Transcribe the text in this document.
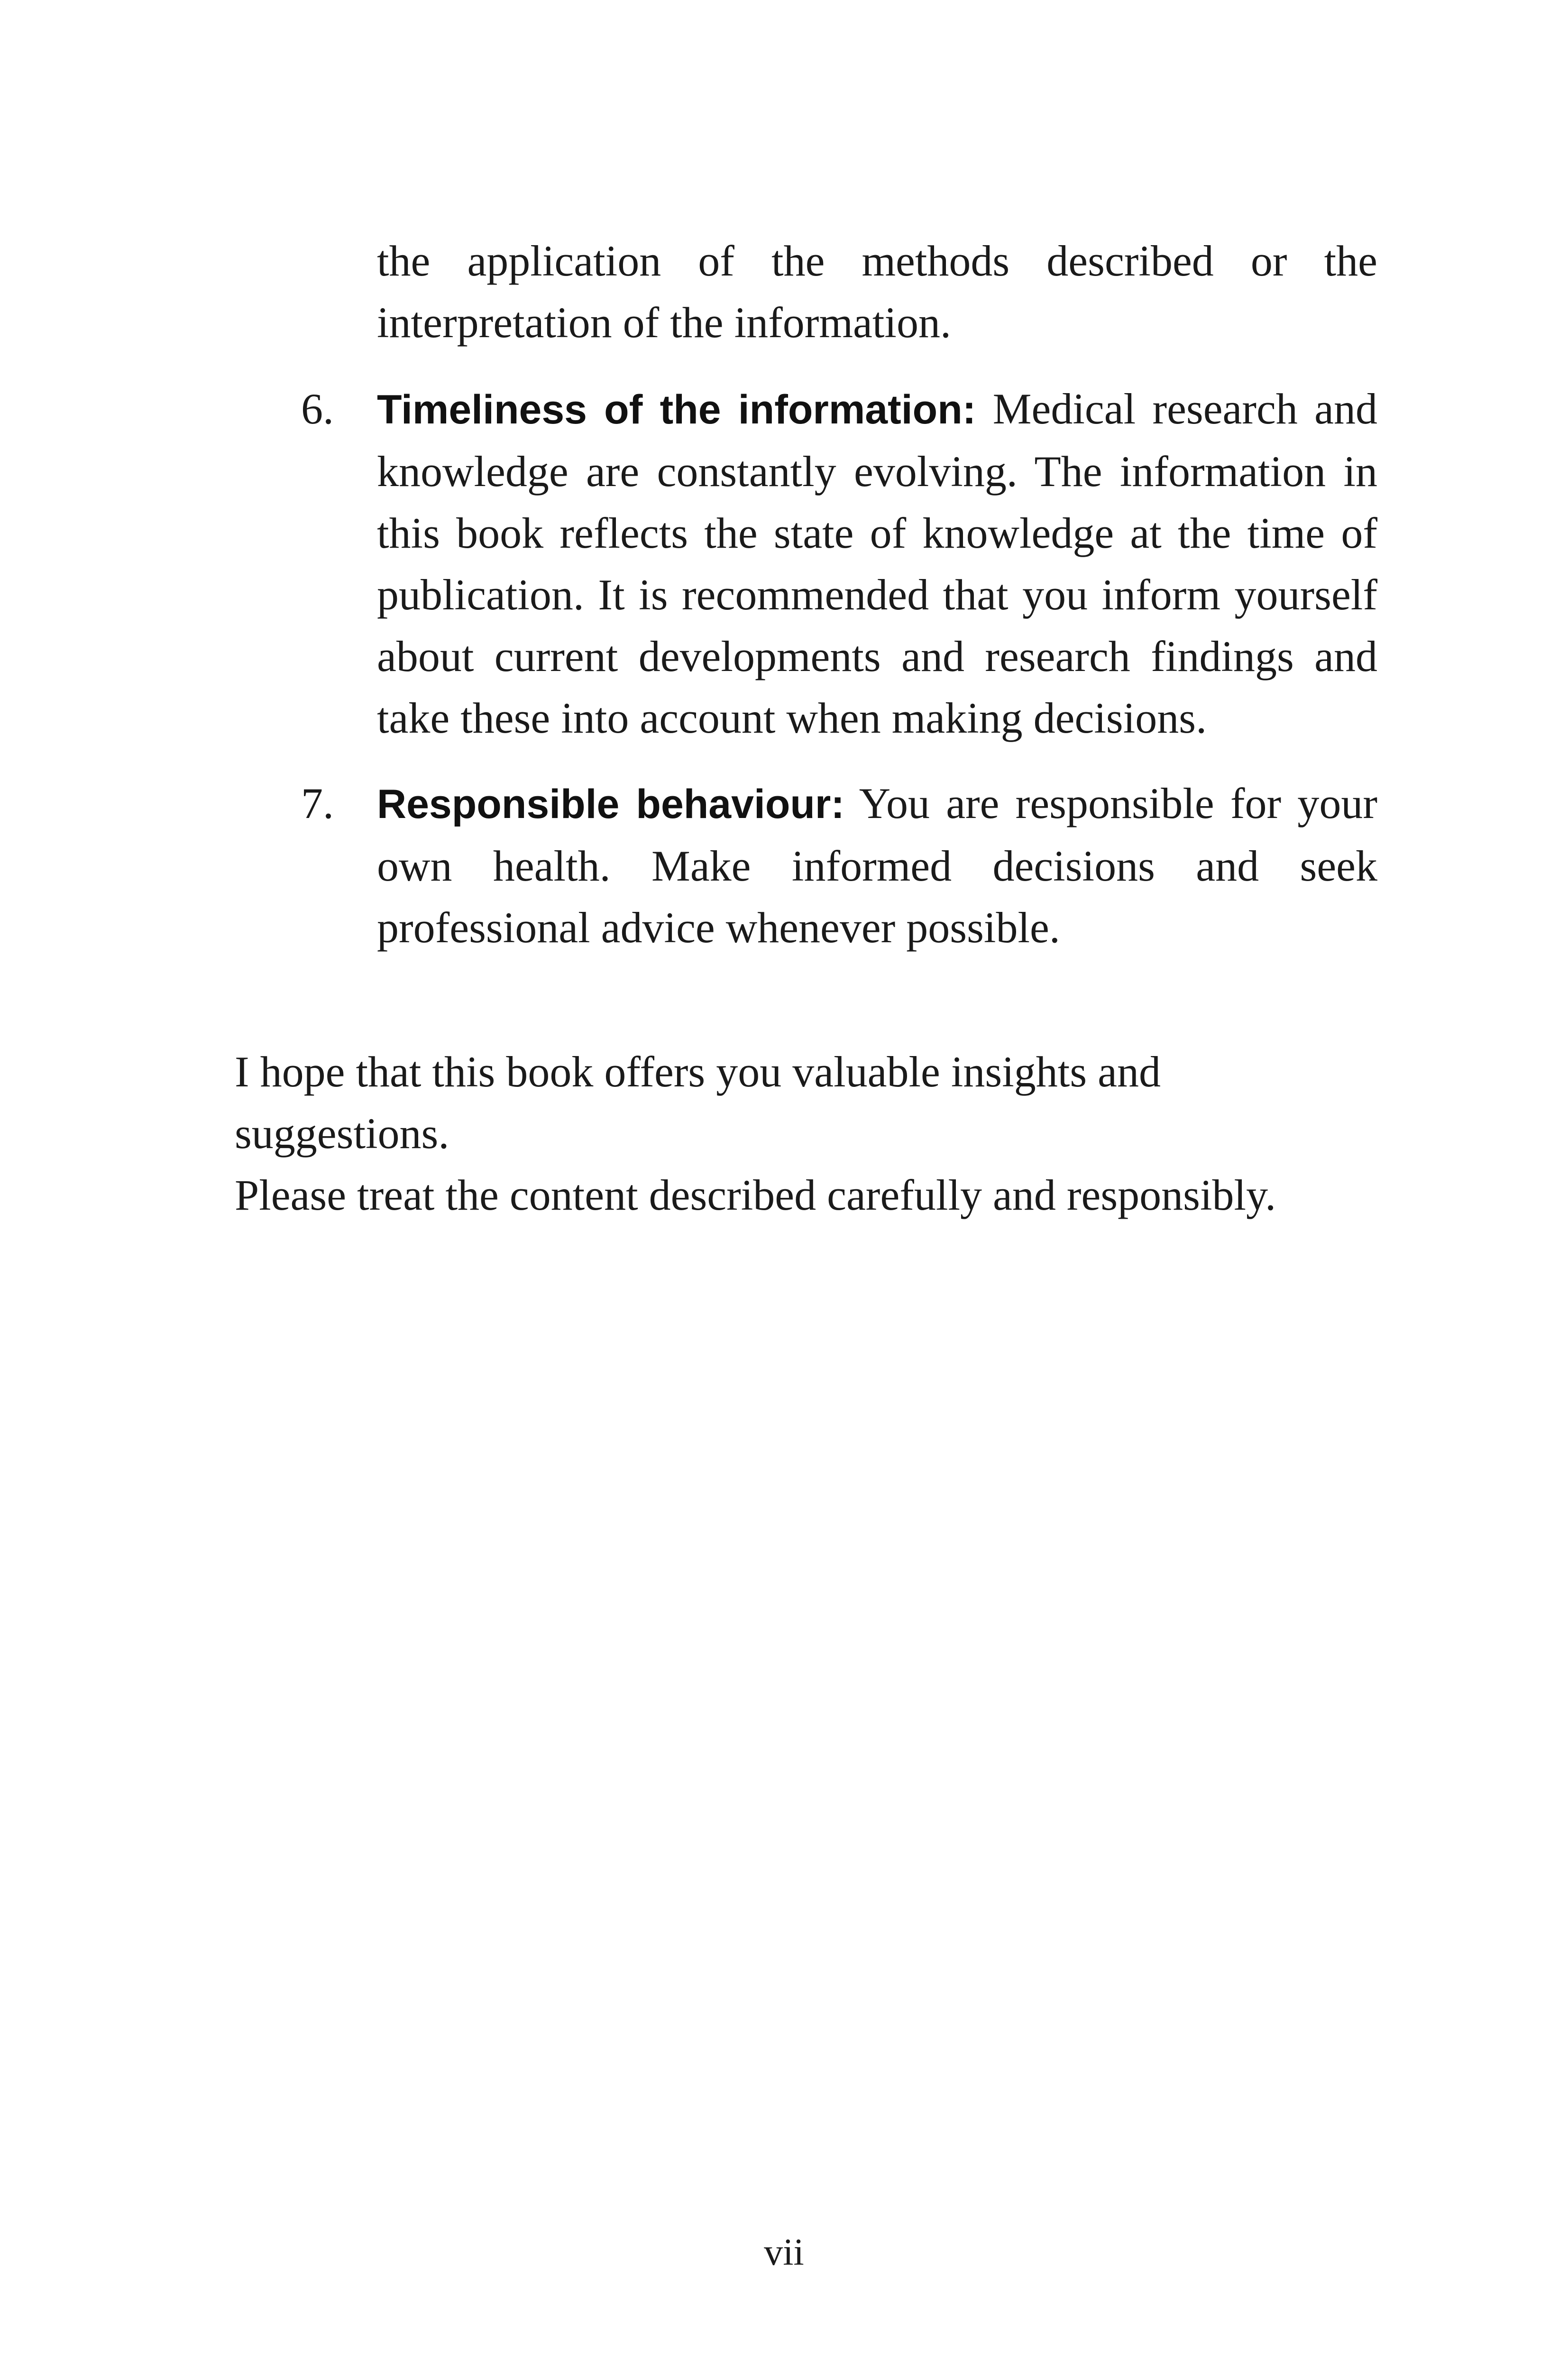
the application of the methods described or the interpretation of the information.

6.	Timeliness of the information: Medical research and knowledge are constantly evolving. The information in this book reflects the state of knowledge at the time of publication. It is recommended that you inform yourself about current developments and research findings and take these into account when making decisions.

7.	Responsible behaviour: You are responsible for your own health. Make informed decisions and seek professional advice whenever possible.

I hope that this book offers you valuable insights and suggestions.

Please treat the content described carefully and responsibly.

vii
